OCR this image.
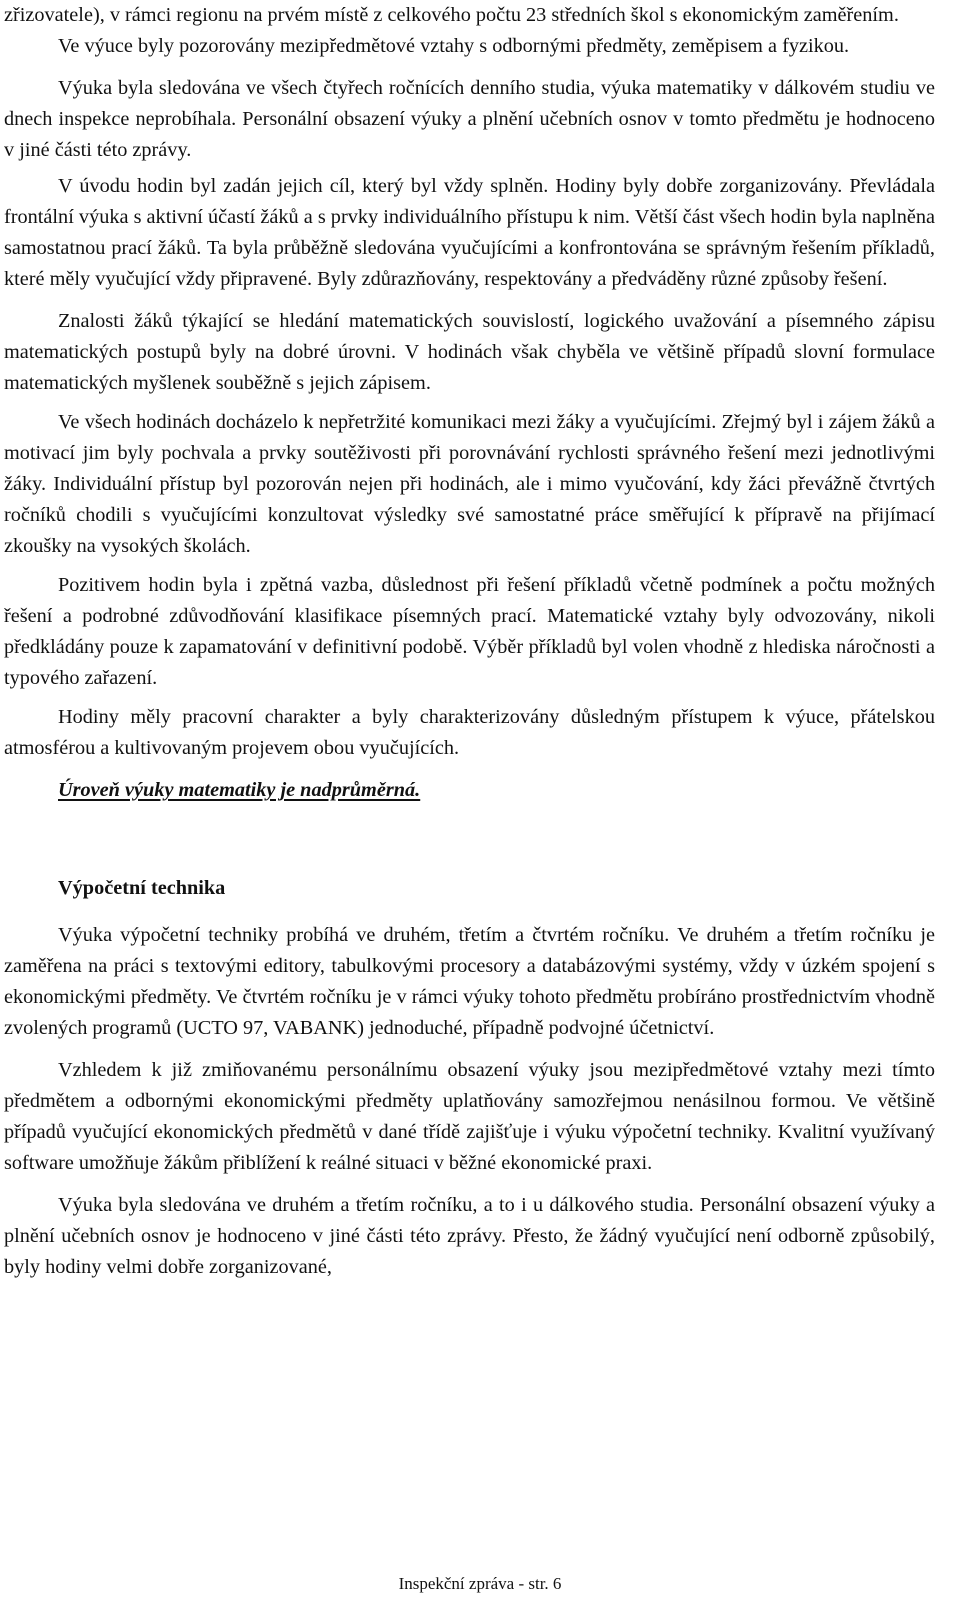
zřizovatele), v rámci regionu na prvém místě z celkového počtu 23 středních škol s ekonomickým zaměřením.

Ve výuce byly pozorovány mezipředmětové vztahy s odbornými předměty, zeměpisem a fyzikou.

Výuka byla sledována ve všech čtyřech ročnících denního studia, výuka matematiky v dálkovém studiu ve dnech inspekce neprobíhala. Personální obsazení výuky a plnění učebních osnov v tomto předmětu je hodnoceno v jiné části této zprávy.

V úvodu hodin byl zadán jejich cíl, který byl vždy splněn. Hodiny byly dobře zorganizovány. Převládala frontální výuka s aktivní účastí žáků a s prvky individuálního přístupu k nim. Větší část všech hodin byla naplněna samostatnou prací žáků. Ta byla průběžně sledována vyučujícími a konfrontována se správným řešením příkladů, které měly vyučující vždy připravené. Byly zdůrazňovány, respektovány a předváděny různé způsoby řešení.

Znalosti žáků týkající se hledání matematických souvislostí, logického uvažování a písemného zápisu matematických postupů byly na dobré úrovni. V hodinách však chyběla ve většině případů slovní formulace matematických myšlenek souběžně s jejich zápisem.

Ve všech hodinách docházelo k nepřetržité komunikaci mezi žáky a vyučujícími. Zřejmý byl i zájem žáků a motivací jim byly pochvala a prvky soutěživosti při porovnávání rychlosti správného řešení mezi jednotlivými žáky. Individuální přístup byl pozorován nejen při hodinách, ale i mimo vyučování, kdy žáci převážně čtvrtých ročníků chodili s vyučujícími konzultovat výsledky své samostatné práce směřující k přípravě na přijímací zkoušky na vysokých školách.

Pozitivem hodin byla i zpětná vazba, důslednost při řešení příkladů včetně podmínek a počtu možných řešení a podrobné zdůvodňování klasifikace písemných prací. Matematické vztahy byly odvozovány, nikoli předkládány pouze k zapamatování v definitivní podobě. Výběr příkladů byl volen vhodně z hlediska náročnosti a typového zařazení.

Hodiny měly pracovní charakter a byly charakterizovány důsledným přístupem k výuce, přátelskou atmosférou a kultivovaným projevem obou vyučujících.

Úroveň výuky matematiky je nadprůměrná.

Výpočetní technika

Výuka výpočetní techniky probíhá ve druhém, třetím a čtvrtém ročníku. Ve druhém a třetím ročníku je zaměřena na práci s textovými editory, tabulkovými procesory a databázovými systémy, vždy v úzkém spojení s ekonomickými předměty. Ve čtvrtém ročníku je v rámci výuky tohoto předmětu probíráno prostřednictvím vhodně zvolených programů (UCTO 97, VABANK) jednoduché, případně podvojné účetnictví.

Vzhledem k již zmiňovanému personálnímu obsazení výuky jsou mezipředmětové vztahy mezi tímto předmětem a odbornými ekonomickými předměty uplatňovány samozřejmou nenásilnou formou. Ve většině případů vyučující ekonomických předmětů v dané třídě zajišťuje i výuku výpočetní techniky. Kvalitní využívaný software umožňuje žákům přiblížení k reálné situaci v běžné ekonomické praxi.

Výuka byla sledována ve druhém a třetím ročníku, a to i u dálkového studia. Personální obsazení výuky a plnění učebních osnov je hodnoceno v jiné části této zprávy. Přesto, že žádný vyučující není odborně způsobilý, byly hodiny velmi dobře zorganizované,

Inspekční zpráva - str. 6
